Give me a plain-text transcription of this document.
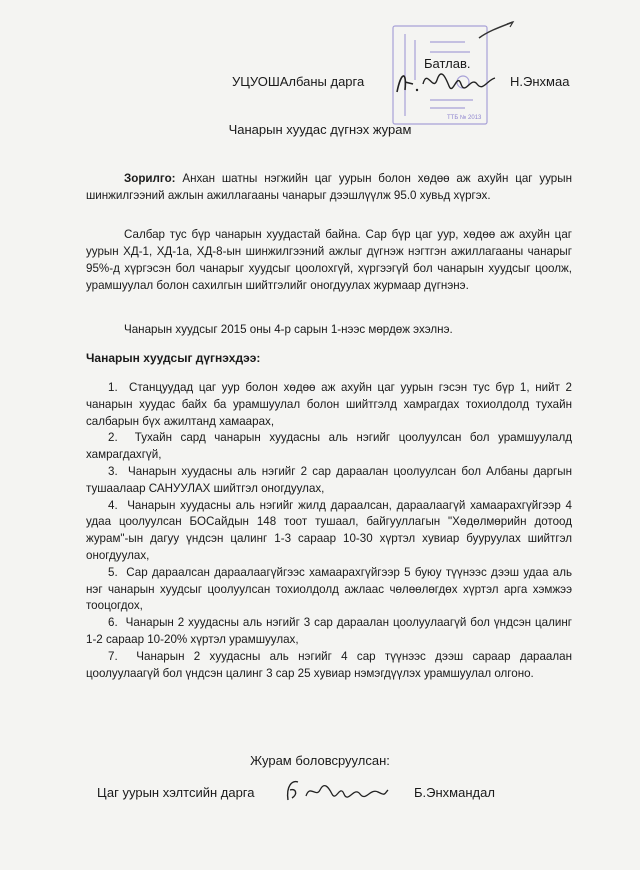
ТТБ № 2013
Батлав.
УЦУОШАлбаны дарга	Н.Энхмаа
Чанарын хуудас дүгнэх журам
Зорилго: Анхан шатны нэгжийн цаг уурын болон хөдөө аж ахуйн цаг уурын шинжилгээний ажлын ажиллагааны чанарыг дээшлүүлж 95.0 хувьд хүргэх.
Салбар тус бүр чанарын хуудастай байна. Сар бүр цаг уур, хөдөө аж ахуйн цаг уурын ХД-1, ХД-1а, ХД-8-ын шинжилгээний ажлыг дүгнэж нэгтгэн ажиллагааны чанарыг 95%-д хүргэсэн бол чанарыг хуудсыг цоолохгүй, хүргээгүй бол чанарын хуудсыг цоолж, урамшуулал болон сахилгын шийтгэлийг оногдуулах журмаар дүгнэнэ.
Чанарын хуудсыг 2015 оны 4-р сарын 1-нээс мөрдөж эхэлнэ.
Чанарын хуудсыг дүгнэхдээ:
1. Станцуудад цаг уур болон хөдөө аж ахуйн цаг уурын гэсэн тус бүр 1, нийт 2 чанарын хуудас байх ба урамшуулал болон шийтгэлд хамрагдах тохиолдолд тухайн салбарын бүх ажилтанд хамаарах,
2. Тухайн сард чанарын хуудасны аль нэгийг цоолуулсан бол урамшуулалд хамрагдахгүй,
3. Чанарын хуудасны аль нэгийг 2 сар дараалан цоолуулсан бол Албаны даргын тушаалаар САНУУЛАХ шийтгэл оногдуулах,
4. Чанарын хуудасны аль нэгийг жилд дараалсан, дараалаагүй хамаарахгүйгээр 4 удаа цоолуулсан БОСайдын 148 тоот тушаал, байгууллагын "Хөдөлмөрийн дотоод журам"-ын дагуу үндсэн цалинг 1-3 сараар 10-30 хүртэл хувиар бууруулах шийтгэл оногдуулах,
5. Сар дараалсан дараалаагүйгээс хамаарахгүйгээр 5 буюу түүнээс дээш удаа аль нэг чанарын хуудсыг цоолуулсан тохиолдолд ажлаас чөлөөлөгдөх хүртэл арга хэмжээ тооцогдох,
6. Чанарын 2 хуудасны аль нэгийг 3 сар дараалан цоолуулаагүй бол үндсэн цалинг 1-2 сараар 10-20% хүртэл урамшуулах,
7. Чанарын 2 хуудасны аль нэгийг 4 сар түүнээс дээш сараар дараалан цоолуулаагүй бол үндсэн цалинг 3 сар 25 хувиар нэмэгдүүлэх урамшуулал олгоно.
Журам боловсруулсан:
Цаг уурын хэлтсийн дарга	Б.Энхмандал
